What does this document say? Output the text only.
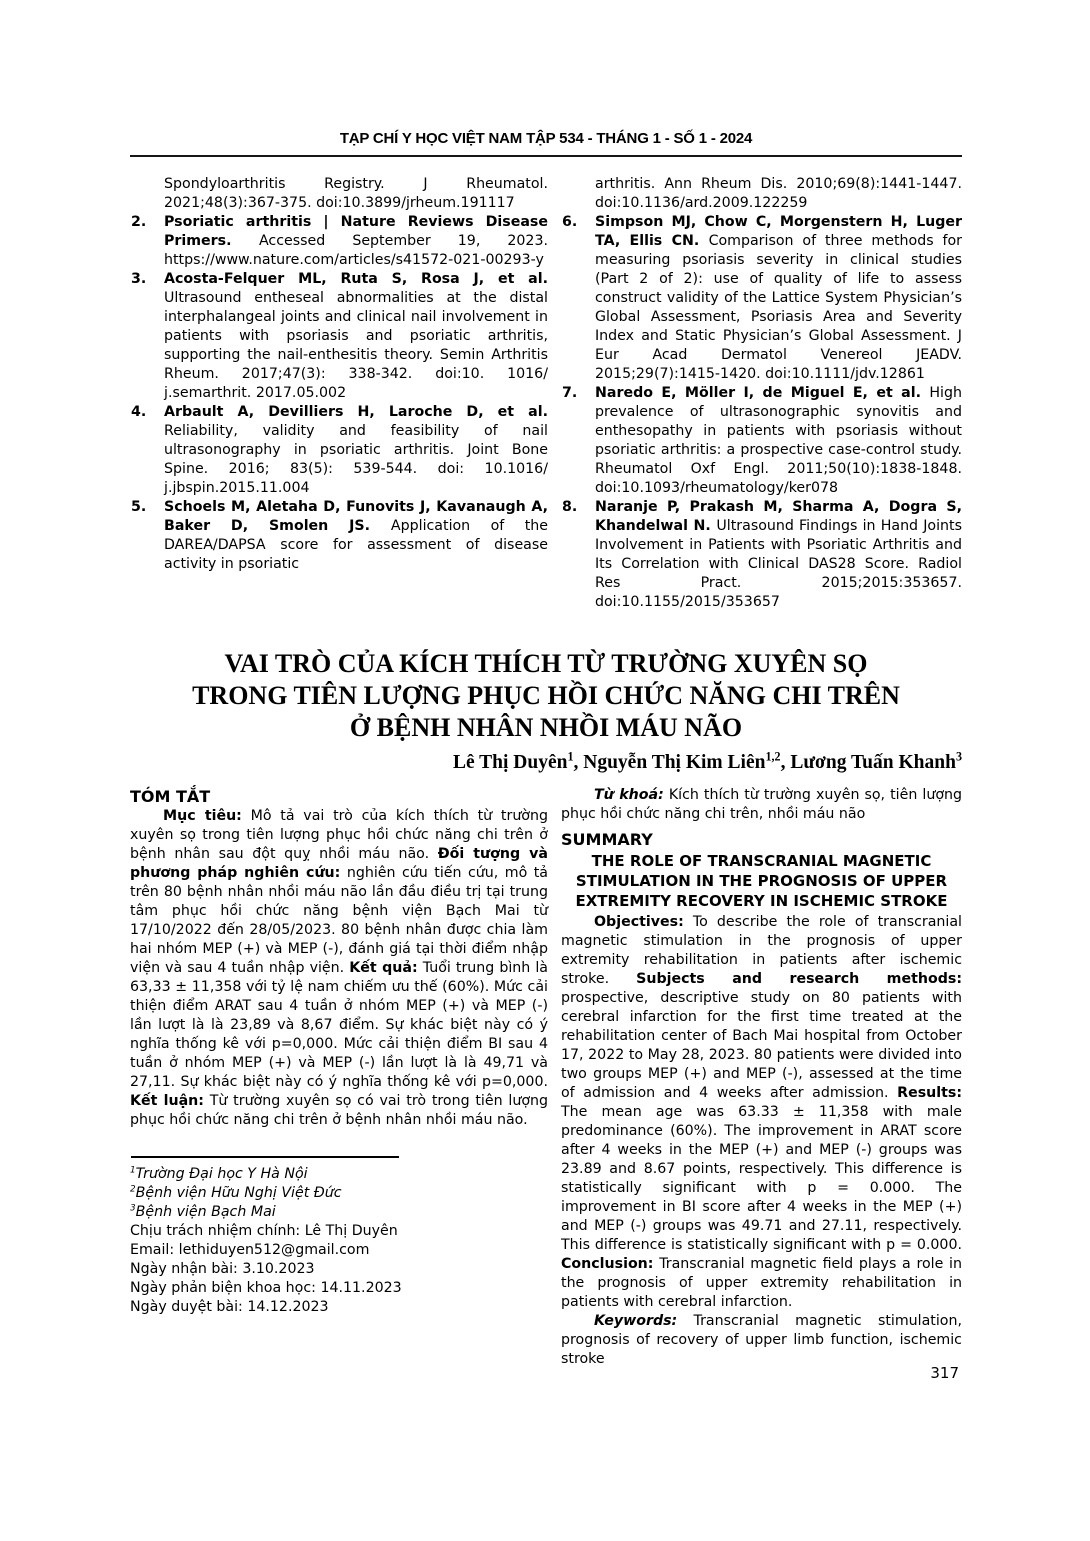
TẠP CHÍ Y HỌC VIỆT NAM TẬP 534 - THÁNG 1 - SỐ 1 - 2024
Spondyloarthritis Registry. J Rheumatol. 2021;48(3):367-375. doi:10.3899/jrheum.191117
2. Psoriatic arthritis | Nature Reviews Disease Primers. Accessed September 19, 2023. https://www.nature.com/articles/s41572-021-00293-y
3. Acosta-Felquer ML, Ruta S, Rosa J, et al. Ultrasound entheseal abnormalities at the distal interphalangeal joints and clinical nail involvement in patients with psoriasis and psoriatic arthritis, supporting the nail-enthesitis theory. Semin Arthritis Rheum. 2017;47(3): 338-342. doi:10. 1016/ j.semarthrit. 2017.05.002
4. Arbault A, Devilliers H, Laroche D, et al. Reliability, validity and feasibility of nail ultrasonography in psoriatic arthritis. Joint Bone Spine. 2016; 83(5): 539-544. doi: 10.1016/ j.jbspin.2015.11.004
5. Schoels M, Aletaha D, Funovits J, Kavanaugh A, Baker D, Smolen JS. Application of the DAREA/DAPSA score for assessment of disease activity in psoriatic
arthritis. Ann Rheum Dis. 2010;69(8):1441-1447. doi:10.1136/ard.2009.122259
6. Simpson MJ, Chow C, Morgenstern H, Luger TA, Ellis CN. Comparison of three methods for measuring psoriasis severity in clinical studies (Part 2 of 2): use of quality of life to assess construct validity of the Lattice System Physician’s Global Assessment, Psoriasis Area and Severity Index and Static Physician’s Global Assessment. J Eur Acad Dermatol Venereol JEADV. 2015;29(7):1415-1420. doi:10.1111/jdv.12861
7. Naredo E, Möller I, de Miguel E, et al. High prevalence of ultrasonographic synovitis and enthesopathy in patients with psoriasis without psoriatic arthritis: a prospective case-control study. Rheumatol Oxf Engl. 2011;50(10):1838-1848. doi:10.1093/rheumatology/ker078
8. Naranje P, Prakash M, Sharma A, Dogra S, Khandelwal N. Ultrasound Findings in Hand Joints Involvement in Patients with Psoriatic Arthritis and Its Correlation with Clinical DAS28 Score. Radiol Res Pract. 2015;2015:353657. doi:10.1155/2015/353657
VAI TRÒ CỦA KÍCH THÍCH TỪ TRƯỜNG XUYÊN SỌ
TRONG TIÊN LƯỢNG PHỤC HỒI CHỨC NĂNG CHI TRÊN
Ở BỆNH NHÂN NHỒI MÁU NÃO
Lê Thị Duyên$^1$, Nguyễn Thị Kim Liên$^{1,2}$, Lương Tuấn Khanh$^3$
TÓM TẮT
Mục tiêu: Mô tả vai trò của kích thích từ trường xuyên sọ trong tiên lượng phục hồi chức năng chi trên ở bệnh nhân sau đột quỵ nhồi máu não. Đối tượng và phương pháp nghiên cứu: nghiên cứu tiến cứu, mô tả trên 80 bệnh nhân nhồi máu não lần đầu điều trị tại trung tâm phục hồi chức năng bệnh viện Bạch Mai từ 17/10/2022 đến 28/05/2023. 80 bệnh nhân được chia làm hai nhóm MEP (+) và MEP (-), đánh giá tại thời điểm nhập viện và sau 4 tuần nhập viện. Kết quả: Tuổi trung bình là 63,33 ± 11,358 với tỷ lệ nam chiếm ưu thế (60%). Mức cải thiện điểm ARAT sau 4 tuần ở nhóm MEP (+) và MEP (-) lần lượt là là 23,89 và 8,67 điểm. Sự khác biệt này có ý nghĩa thống kê với p=0,000. Mức cải thiện điểm BI sau 4 tuần ở nhóm MEP (+) và MEP (-) lần lượt là là 49,71 và 27,11. Sự khác biệt này có ý nghĩa thống kê với p=0,000. Kết luận: Từ trường xuyên sọ có vai trò trong tiên lượng phục hồi chức năng chi trên ở bệnh nhân nhồi máu não.
$^1$Trường Đại học Y Hà Nội
$^2$Bệnh viện Hữu Nghị Việt Đức
$^3$Bệnh viện Bạch Mai
Chịu trách nhiệm chính: Lê Thị Duyên
Email: lethiduyen512@gmail.com
Ngày nhận bài: 3.10.2023
Ngày phản biện khoa học: 14.11.2023
Ngày duyệt bài: 14.12.2023
Từ khoá: Kích thích từ trường xuyên sọ, tiên lượng phục hồi chức năng chi trên, nhồi máu não
SUMMARY
THE ROLE OF TRANSCRANIAL MAGNETIC
STIMULATION IN THE PROGNOSIS OF UPPER
EXTREMITY RECOVERY IN ISCHEMIC STROKE
Objectives: To describe the role of transcranial magnetic stimulation in the prognosis of upper extremity rehabilitation in patients after ischemic stroke. Subjects and research methods: prospective, descriptive study on 80 patients with cerebral infarction for the first time treated at the rehabilitation center of Bach Mai hospital from October 17, 2022 to May 28, 2023. 80 patients were divided into two groups MEP (+) and MEP (-), assessed at the time of admission and 4 weeks after admission. Results: The mean age was 63.33 ± 11,358 with male predominance (60%). The improvement in ARAT score after 4 weeks in the MEP (+) and MEP (-) groups was 23.89 and 8.67 points, respectively. This difference is statistically significant with p = 0.000. The improvement in BI score after 4 weeks in the MEP (+) and MEP (-) groups was 49.71 and 27.11, respectively. This difference is statistically significant with p = 0.000. Conclusion: Transcranial magnetic field plays a role in the prognosis of upper extremity rehabilitation in patients with cerebral infarction.
Keywords: Transcranial magnetic stimulation, prognosis of recovery of upper limb function, ischemic stroke
317
